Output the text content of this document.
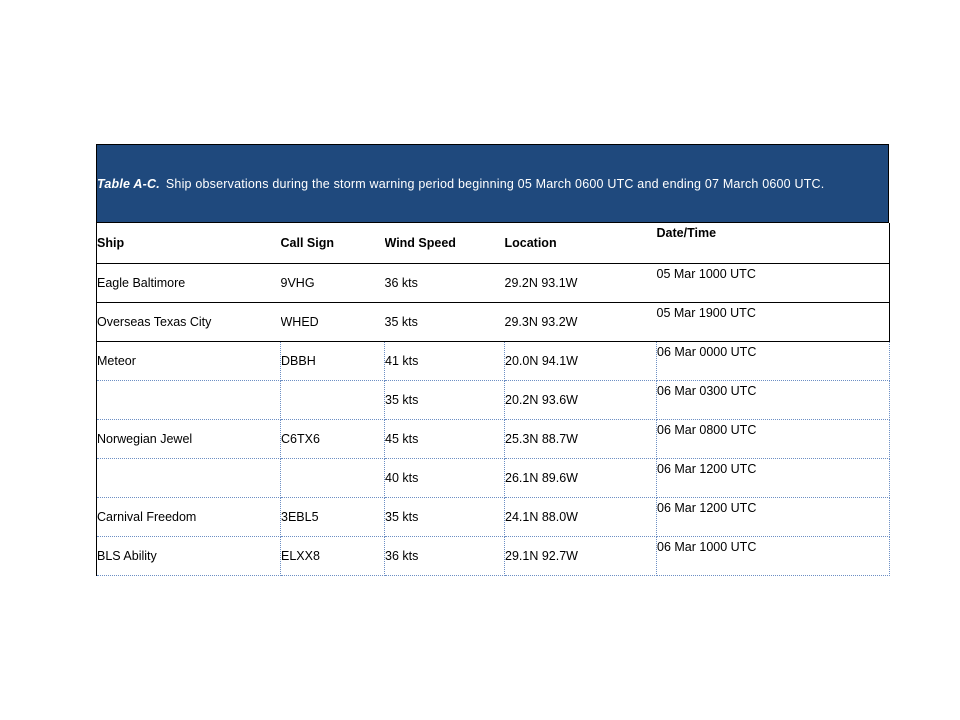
Table A-C. Ship observations during the storm warning period beginning 05 March 0600 UTC and ending 07 March 0600 UTC.
Ship	Call Sign	Wind Speed	Location	Date/Time
Eagle Baltimore	9VHG	36 kts	29.2N 93.1W	05 Mar 1000 UTC
Overseas Texas City	WHED	35 kts	29.3N 93.2W	05 Mar 1900 UTC
Meteor	DBBH	41 kts	20.0N 94.1W	06 Mar 0000 UTC
		35 kts	20.2N 93.6W	06 Mar 0300 UTC
Norwegian Jewel	C6TX6	45 kts	25.3N 88.7W	06 Mar 0800 UTC
		40 kts	26.1N 89.6W	06 Mar 1200 UTC
Carnival Freedom	3EBL5	35 kts	24.1N 88.0W	06 Mar 1200 UTC
BLS Ability	ELXX8	36 kts	29.1N 92.7W	06 Mar 1000 UTC
